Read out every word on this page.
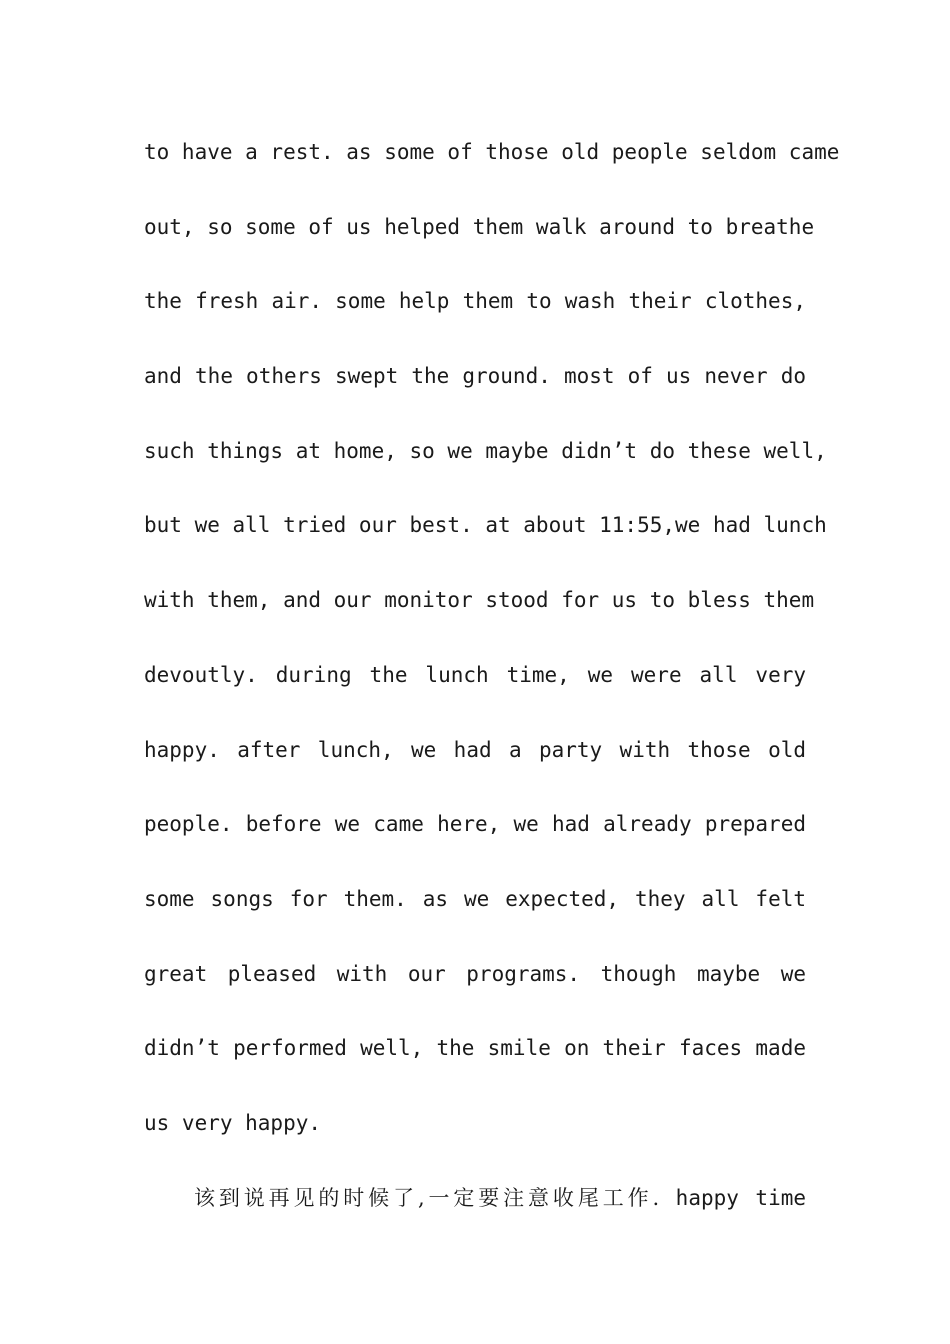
to have a rest. as some of those old people seldom came
out, so some of us helped them walk around to breathe
the fresh air. some help them to wash their clothes,
and the others swept the ground. most of us never do
such things at home, so we maybe didn’t do these well,
but we all tried our best. at about 11:55,we had lunch
with them, and our monitor stood for us to bless them
devoutly. during the lunch time, we were all very
happy. after lunch, we had a party with those old
people. before we came here, we had already prepared
some songs for them. as we expected, they all felt
great pleased with our programs. though maybe we
didn’t performed well, the smile on their faces made
us very happy.
该到说再见的时候了,一定要注意收尾工作. happy time
